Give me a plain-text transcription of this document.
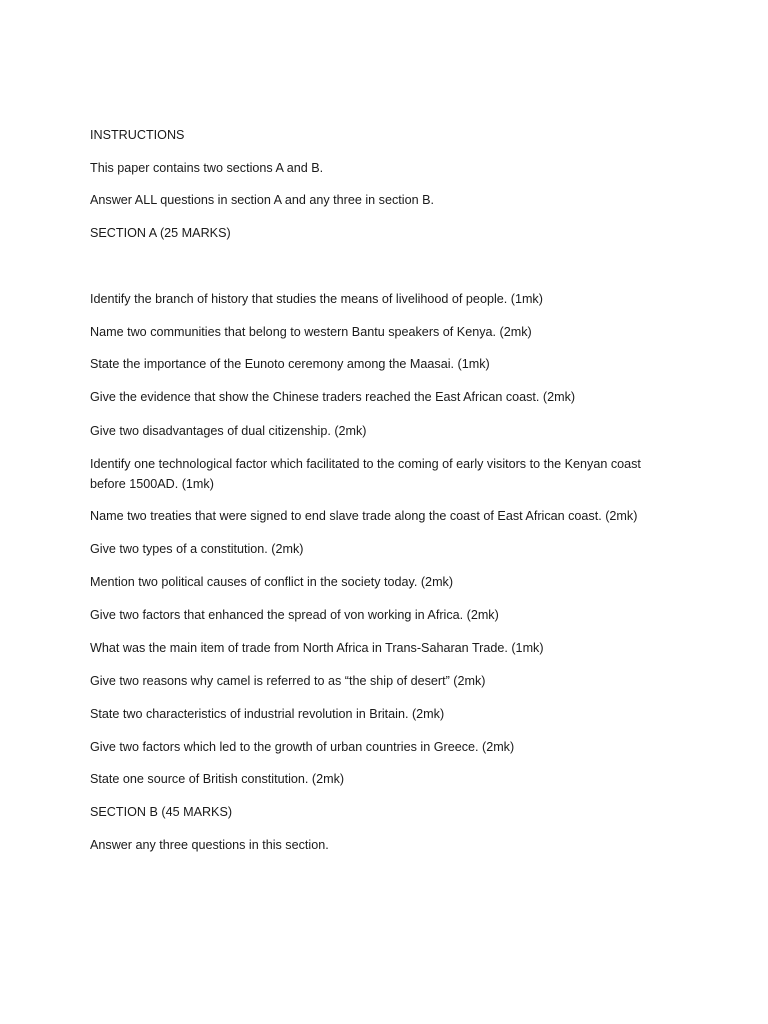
INSTRUCTIONS

This paper contains two sections A and B.

Answer ALL questions in section A and any three in section B.

SECTION A (25 MARKS)

Identify the branch of history that studies the means of livelihood of people. (1mk)

Name two communities that belong to western Bantu speakers of Kenya. (2mk)

State the importance of the Eunoto ceremony among the Maasai. (1mk)

Give the evidence that show the Chinese traders reached the East African coast. (2mk)

Give two disadvantages of dual citizenship. (2mk)

Identify one technological factor which facilitated to the coming of early visitors to the Kenyan coast before 1500AD. (1mk)

Name two treaties that were signed to end slave trade along the coast of East African coast. (2mk)

Give two types of a constitution. (2mk)

Mention two political causes of conflict in the society today. (2mk)

Give two factors that enhanced the spread of von working in Africa. (2mk)

What was the main item of trade from North Africa in Trans-Saharan Trade. (1mk)

Give two reasons why camel is referred to as “the ship of desert” (2mk)

State two characteristics of industrial revolution in Britain. (2mk)

Give two factors which led to the growth of urban countries in Greece. (2mk)

State one source of British constitution. (2mk)

SECTION B (45 MARKS)

Answer any three questions in this section.
